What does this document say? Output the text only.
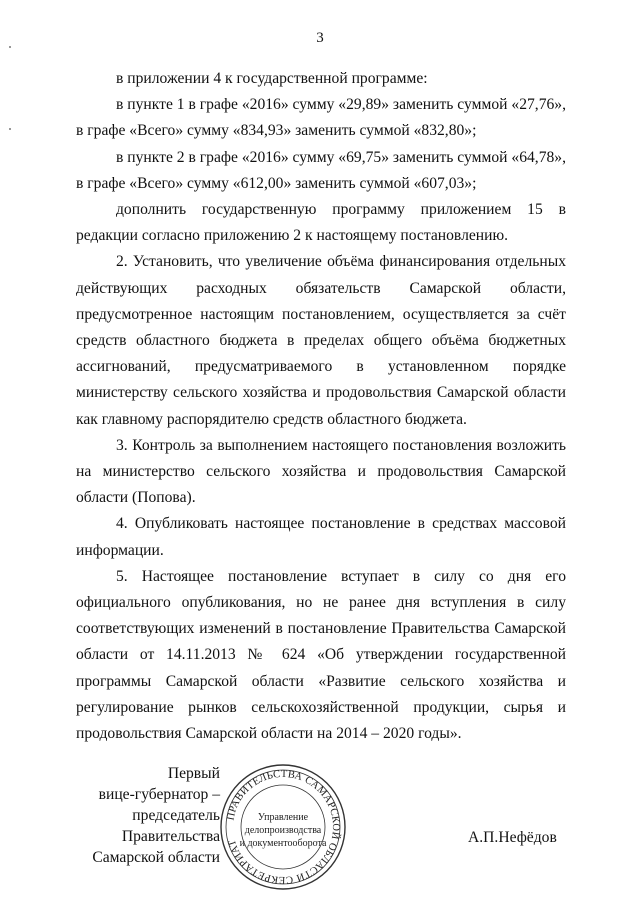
3

в приложении 4 к государственной программе:

в пункте 1 в графе «2016» сумму «29,89» заменить суммой «27,76», в графе «Всего» сумму «834,93» заменить суммой «832,80»;

в пункте 2 в графе «2016» сумму «69,75» заменить суммой «64,78», в графе «Всего» сумму «612,00» заменить суммой «607,03»;

дополнить государственную программу приложением 15 в редакции согласно приложению 2 к настоящему постановлению.

2. Установить, что увеличение объёма финансирования отдельных действующих расходных обязательств Самарской области, предусмотренное настоящим постановлением, осуществляется за счёт средств областного бюджета в пределах общего объёма бюджетных ассигнований, предусматриваемого в установленном порядке министерству сельского хозяйства и продовольствия Самарской области как главному распорядителю средств областного бюджета.

3. Контроль за выполнением настоящего постановления возложить на министерство сельского хозяйства и продовольствия Самарской области (Попова).

4. Опубликовать настоящее постановление в средствах массовой информации.

5. Настоящее постановление вступает в силу со дня его официального опубликования, но не ранее дня вступления в силу соответствующих изменений в постановление Правительства Самарской области от 14.11.2013 № 624 «Об утверждении государственной программы Самарской области «Развитие сельского хозяйства и регулирование рынков сельскохозяйственной продукции, сырья и продовольствия Самарской области на 2014 – 2020 годы».

Первый
вице-губернатор –
председатель Правительства
Самарской области
ПРАВИТЕЛЬСТВА САМАРСКОЙ ОБЛАСТИ СЕКРЕТАРИАТ
Управление
делопроизводства
и документооборота	А.П.Нефёдов
